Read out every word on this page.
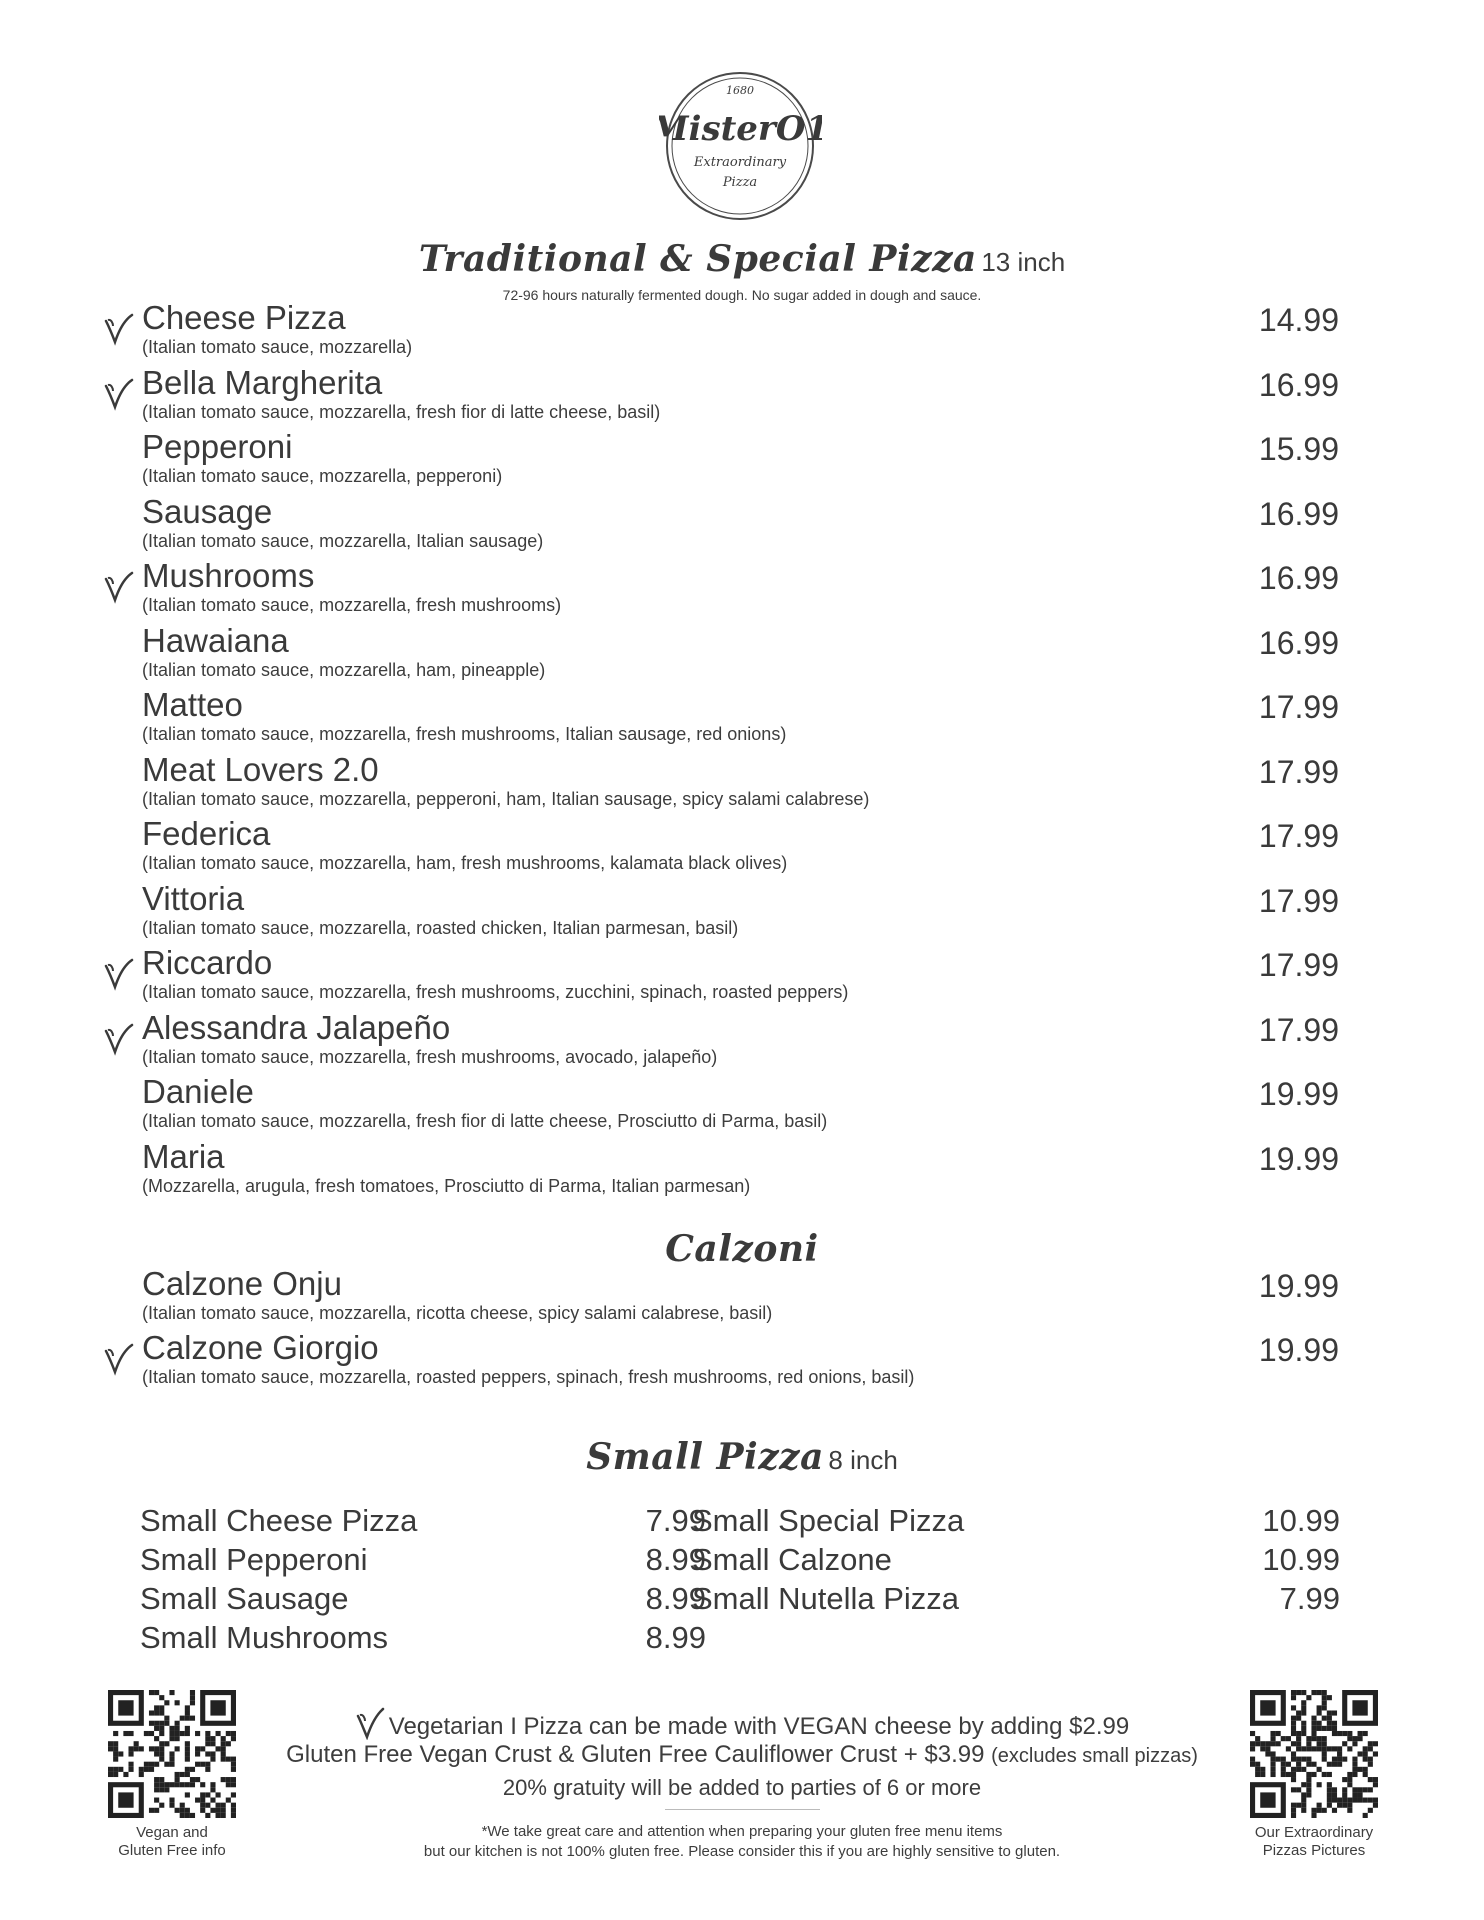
1680
MisterO1
Extraordinary
Pizza
Traditional & Special Pizza 13 inch
72-96 hours naturally fermented dough. No sugar added in dough and sauce.
Cheese Pizza
(Italian tomato sauce, mozzarella)
14.99
Bella Margherita
(Italian tomato sauce, mozzarella, fresh fior di latte cheese, basil)
16.99
Pepperoni
(Italian tomato sauce, mozzarella, pepperoni)
15.99
Sausage
(Italian tomato sauce, mozzarella, Italian sausage)
16.99
Mushrooms
(Italian tomato sauce, mozzarella, fresh mushrooms)
16.99
Hawaiana
(Italian tomato sauce, mozzarella, ham, pineapple)
16.99
Matteo
(Italian tomato sauce, mozzarella, fresh mushrooms, Italian sausage, red onions)
17.99
Meat Lovers 2.0
(Italian tomato sauce, mozzarella, pepperoni, ham, Italian sausage, spicy salami calabrese)
17.99
Federica
(Italian tomato sauce, mozzarella, ham, fresh mushrooms, kalamata black olives)
17.99
Vittoria
(Italian tomato sauce, mozzarella, roasted chicken, Italian parmesan, basil)
17.99
Riccardo
(Italian tomato sauce, mozzarella, fresh mushrooms, zucchini, spinach, roasted peppers)
17.99
Alessandra Jalapeño
(Italian tomato sauce, mozzarella, fresh mushrooms, avocado, jalapeño)
17.99
Daniele
(Italian tomato sauce, mozzarella, fresh fior di latte cheese, Prosciutto di Parma, basil)
19.99
Maria
(Mozzarella, arugula, fresh tomatoes, Prosciutto di Parma, Italian parmesan)
19.99
Calzone Onju
(Italian tomato sauce, mozzarella, ricotta cheese, spicy salami calabrese, basil)
19.99
Calzone Giorgio
(Italian tomato sauce, mozzarella, roasted peppers, spinach, fresh mushrooms, red onions, basil)
19.99
Calzoni
Small Pizza 8 inch
Small Cheese Pizza	7.99
Small Pepperoni	8.99
Small Sausage	8.99
Small Mushrooms	8.99
Small Special Pizza	10.99
Small Calzone	10.99
Small Nutella Pizza	7.99
Vegan and
Gluten Free info
Our Extraordinary
Pizzas Pictures
Vegetarian I Pizza can be made with VEGAN cheese by adding $2.99
Gluten Free Vegan Crust & Gluten Free Cauliflower Crust + $3.99 (excludes small pizzas)
20% gratuity will be added to parties of 6 or more
*We take great care and attention when preparing your gluten free menu items
but our kitchen is not 100% gluten free. Please consider this if you are highly sensitive to gluten.
